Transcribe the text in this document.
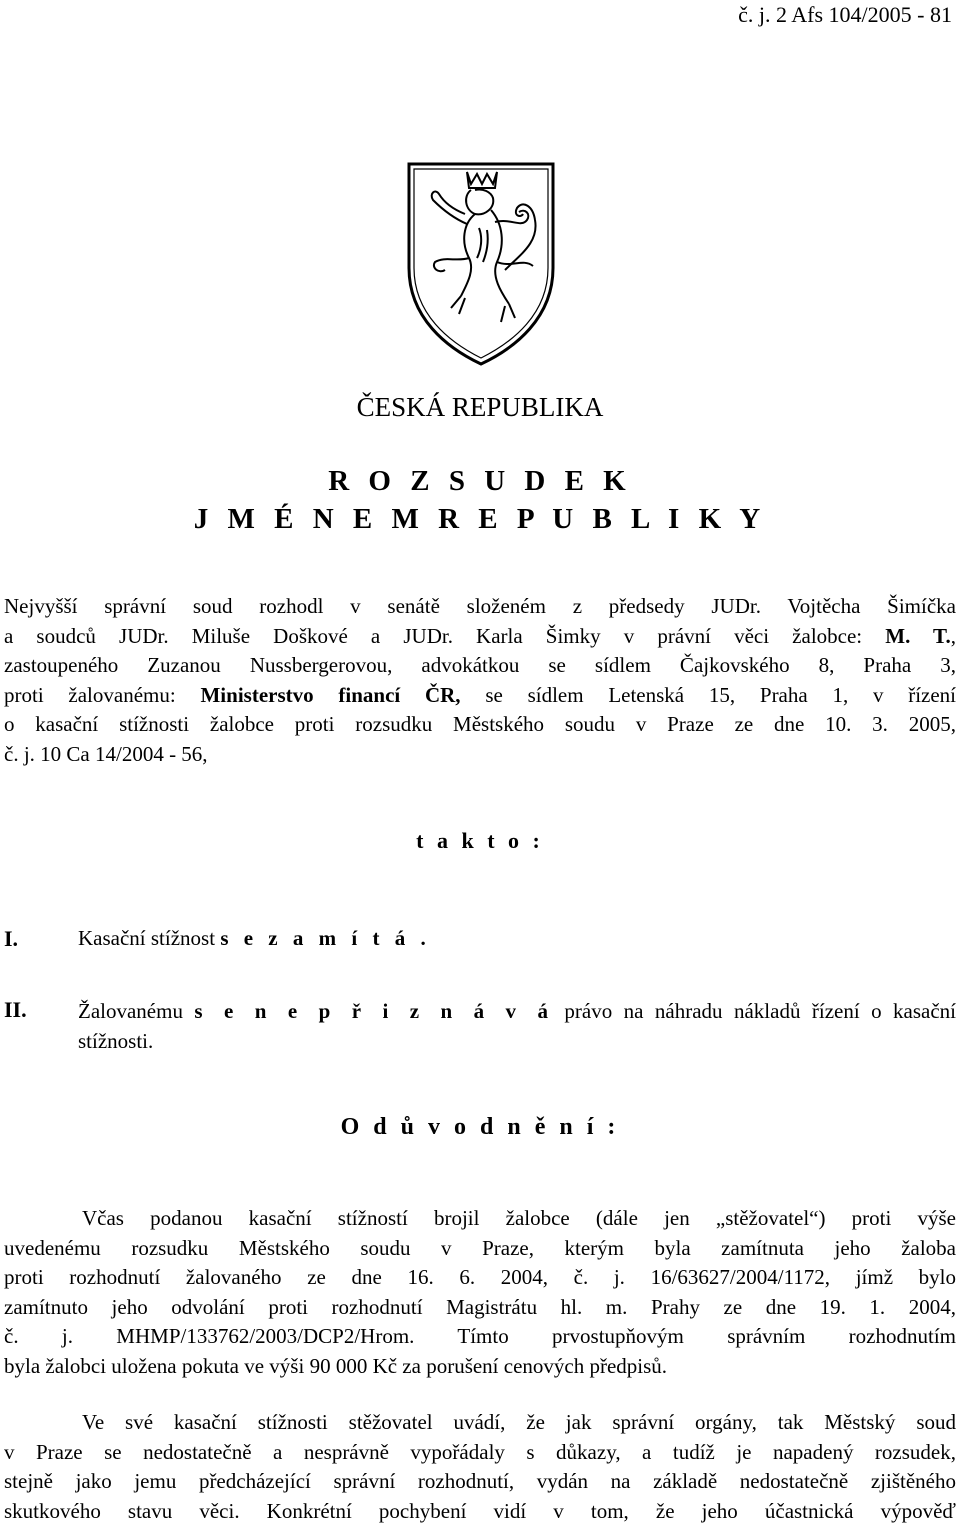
č. j. 2 Afs 104/2005 - 81
ČESKÁ REPUBLIKA
R O Z S U D E K
J M É N E M R E P U B L I K Y
Nejvyšší správní soud rozhodl v senátě složeném z předsedy JUDr. Vojtěcha Šimíčka
a soudců JUDr. Miluše Doškové a JUDr. Karla Šimky v právní věci žalobce: M. T.,
zastoupeného Zuzanou Nussbergerovou, advokátkou se sídlem Čajkovského 8, Praha 3,
proti žalovanému: Ministerstvo financí ČR, se sídlem Letenská 15, Praha 1, v řízení
o kasační stížnosti žalobce proti rozsudku Městského soudu v Praze ze dne 10. 3. 2005,
č. j. 10 Ca 14/2004 - 56,
t a k t o :
I.	Kasační stížnost s e z a m í t á .
II. Žalovanému s e n e p ř i z n á v á právo na náhradu nákladů řízení o kasační
stížnosti.
O d ů v o d n ě n í :
Včas podanou kasační stížností brojil žalobce (dále jen „stěžovatel“) proti výše
uvedenému rozsudku Městského soudu v Praze, kterým byla zamítnuta jeho žaloba
proti rozhodnutí žalovaného ze dne 16. 6. 2004, č. j. 16/63627/2004/1172, jímž bylo
zamítnuto jeho odvolání proti rozhodnutí Magistrátu hl. m. Prahy ze dne 19. 1. 2004,
č. j. MHMP/133762/2003/DCP2/Hrom. Tímto prvostupňovým správním rozhodnutím
byla žalobci uložena pokuta ve výši 90 000 Kč za porušení cenových předpisů.
Ve své kasační stížnosti stěžovatel uvádí, že jak správní orgány, tak Městský soud
v Praze se nedostatečně a nesprávně vypořádaly s důkazy, a tudíž je napadený rozsudek,
stejně jako jemu předcházející správní rozhodnutí, vydán na základě nedostatečně zjištěného
skutkového stavu věci. Konkrétní pochybení vidí v tom, že jeho účastnická výpověď
